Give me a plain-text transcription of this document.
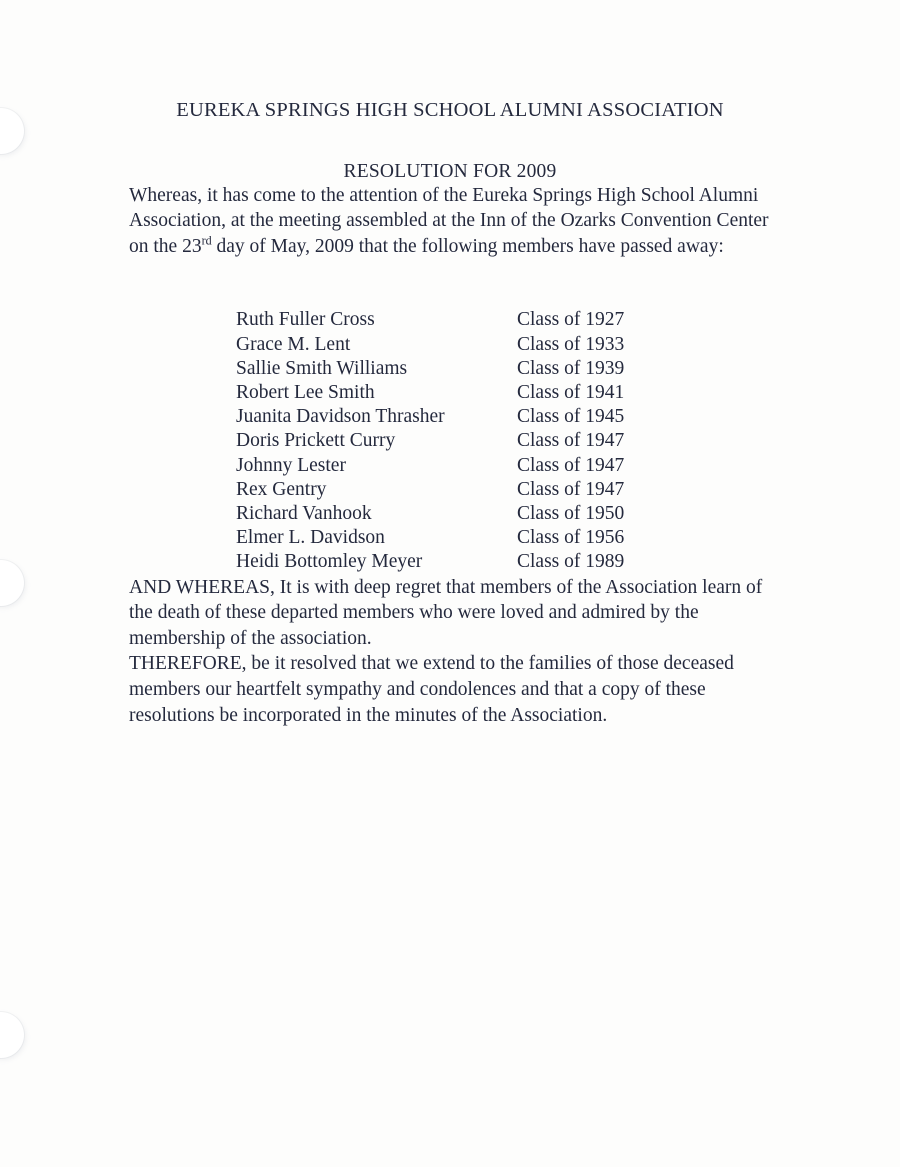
EUREKA SPRINGS HIGH SCHOOL ALUMNI ASSOCIATION
RESOLUTION FOR 2009

Whereas, it has come to the attention of the Eureka Springs High School Alumni Association, at the meeting assembled at the Inn of the Ozarks Convention Center on the 23rd day of May, 2009 that the following members have passed away:

Ruth Fuller Cross	Class of 1927
Grace M. Lent	Class of 1933
Sallie Smith Williams	Class of 1939
Robert Lee Smith	Class of 1941
Juanita Davidson Thrasher	Class of 1945
Doris Prickett Curry	Class of 1947
Johnny Lester	Class of 1947
Rex Gentry	Class of 1947
Richard Vanhook	Class of 1950
Elmer L. Davidson	Class of 1956
Heidi Bottomley Meyer	Class of 1989

AND WHEREAS, It is with deep regret that members of the Association learn of the death of these departed members who were loved and admired by the membership of the association.

THEREFORE, be it resolved that we extend to the families of those deceased members our heartfelt sympathy and condolences and that a copy of these resolutions be incorporated in the minutes of the Association.
